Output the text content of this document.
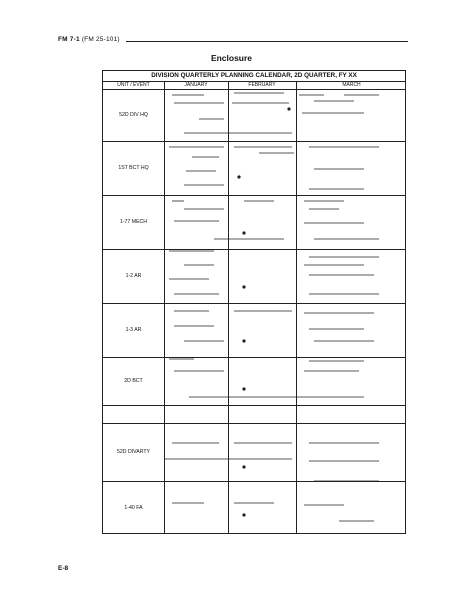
FM 7-1 (FM 25-101)
Enclosure
DIVISION QUARTERLY PLANNING CALENDAR, 2D QUARTER, FY XX
UNIT / EVENT	JANUARY	FEBRUARY	MARCH
52D DIV HQ
1ST BCT HQ
1-77 MECH
1-2 AR
1-3 AR
2D BCT
52D DIVARTY
1-40 FA
E-8
